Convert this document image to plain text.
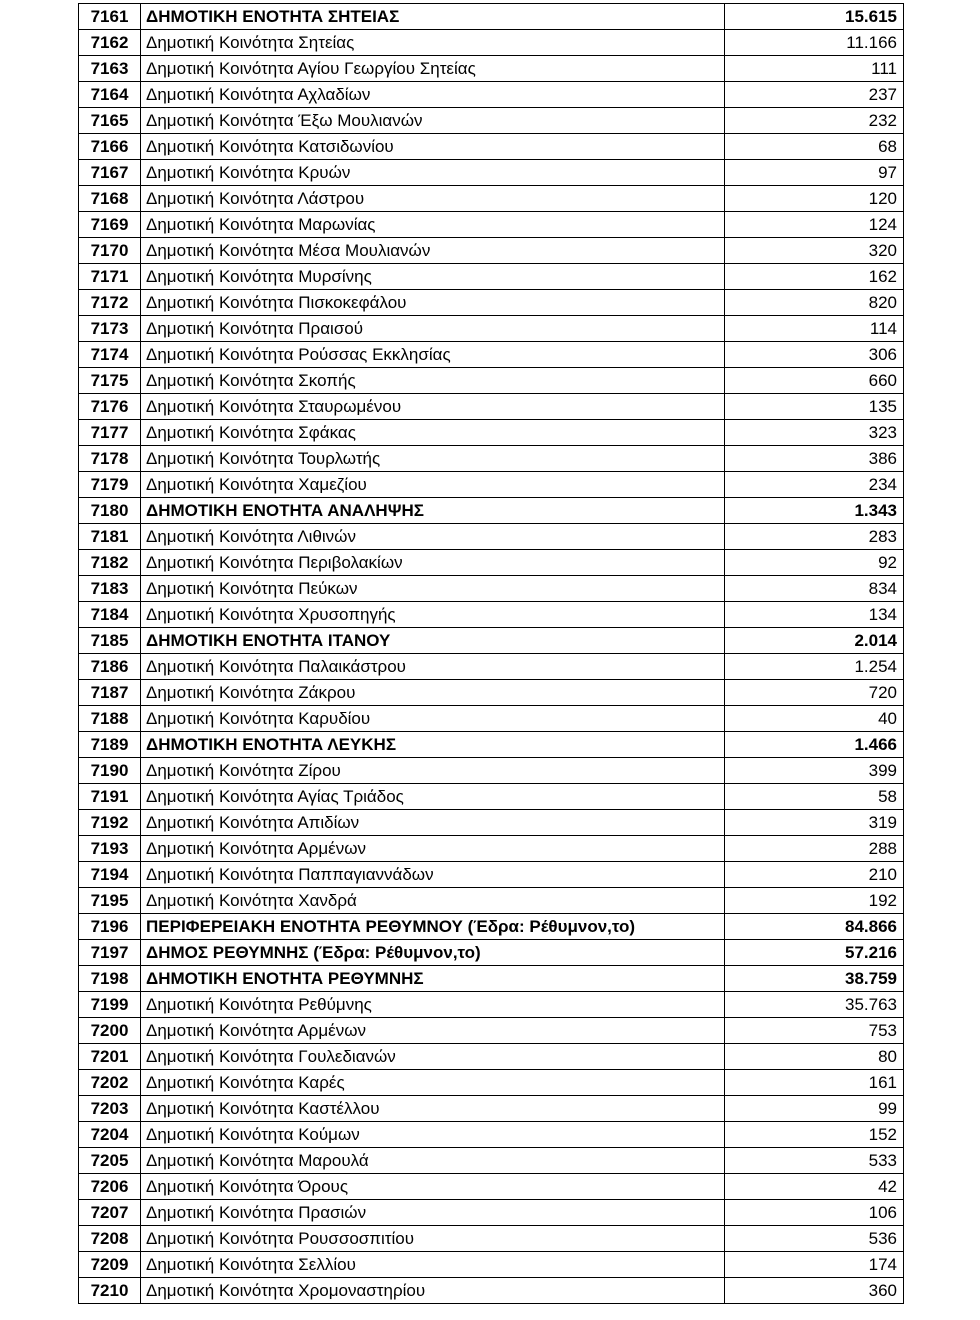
7161	ΔΗΜΟΤΙΚΗ ΕΝΟΤΗΤΑ ΣΗΤΕΙΑΣ	15.615
7162	Δημοτική Κοινότητα Σητείας	11.166
7163	Δημοτική Κοινότητα Αγίου Γεωργίου Σητείας	111
7164	Δημοτική Κοινότητα Αχλαδίων	237
7165	Δημοτική Κοινότητα Έξω Μουλιανών	232
7166	Δημοτική Κοινότητα Κατσιδωνίου	68
7167	Δημοτική Κοινότητα Κρυών	97
7168	Δημοτική Κοινότητα Λάστρου	120
7169	Δημοτική Κοινότητα Μαρωνίας	124
7170	Δημοτική Κοινότητα Μέσα Μουλιανών	320
7171	Δημοτική Κοινότητα Μυρσίνης	162
7172	Δημοτική Κοινότητα Πισκοκεφάλου	820
7173	Δημοτική Κοινότητα Πραισού	114
7174	Δημοτική Κοινότητα Ρούσσας Εκκλησίας	306
7175	Δημοτική Κοινότητα Σκοπής	660
7176	Δημοτική Κοινότητα Σταυρωμένου	135
7177	Δημοτική Κοινότητα Σφάκας	323
7178	Δημοτική Κοινότητα Τουρλωτής	386
7179	Δημοτική Κοινότητα Χαμεζίου	234
7180	ΔΗΜΟΤΙΚΗ ΕΝΟΤΗΤΑ ΑΝΑΛΗΨΗΣ	1.343
7181	Δημοτική Κοινότητα Λιθινών	283
7182	Δημοτική Κοινότητα Περιβολακίων	92
7183	Δημοτική Κοινότητα Πεύκων	834
7184	Δημοτική Κοινότητα Χρυσοπηγής	134
7185	ΔΗΜΟΤΙΚΗ ΕΝΟΤΗΤΑ ΙΤΑΝΟΥ	2.014
7186	Δημοτική Κοινότητα Παλαικάστρου	1.254
7187	Δημοτική Κοινότητα Ζάκρου	720
7188	Δημοτική Κοινότητα Καρυδίου	40
7189	ΔΗΜΟΤΙΚΗ ΕΝΟΤΗΤΑ ΛΕΥΚΗΣ	1.466
7190	Δημοτική Κοινότητα Ζίρου	399
7191	Δημοτική Κοινότητα Αγίας Τριάδος	58
7192	Δημοτική Κοινότητα Απιδίων	319
7193	Δημοτική Κοινότητα Αρμένων	288
7194	Δημοτική Κοινότητα Παππαγιαννάδων	210
7195	Δημοτική Κοινότητα Χανδρά	192
7196	ΠΕΡΙΦΕΡΕΙΑΚΗ ΕΝΟΤΗΤΑ ΡΕΘΥΜΝΟΥ (Έδρα: Ρέθυμνον,το)	84.866
7197	ΔΗΜΟΣ ΡΕΘΥΜΝΗΣ (Έδρα: Ρέθυμνον,το)	57.216
7198	ΔΗΜΟΤΙΚΗ ΕΝΟΤΗΤΑ ΡΕΘΥΜΝΗΣ	38.759
7199	Δημοτική Κοινότητα Ρεθύμνης	35.763
7200	Δημοτική Κοινότητα Αρμένων	753
7201	Δημοτική Κοινότητα Γουλεδιανών	80
7202	Δημοτική Κοινότητα Καρές	161
7203	Δημοτική Κοινότητα Καστέλλου	99
7204	Δημοτική Κοινότητα Κούμων	152
7205	Δημοτική Κοινότητα Μαρουλά	533
7206	Δημοτική Κοινότητα Όρους	42
7207	Δημοτική Κοινότητα Πρασιών	106
7208	Δημοτική Κοινότητα Ρουσσοσπιτίου	536
7209	Δημοτική Κοινότητα Σελλίου	174
7210	Δημοτική Κοινότητα Χρομοναστηρίου	360
